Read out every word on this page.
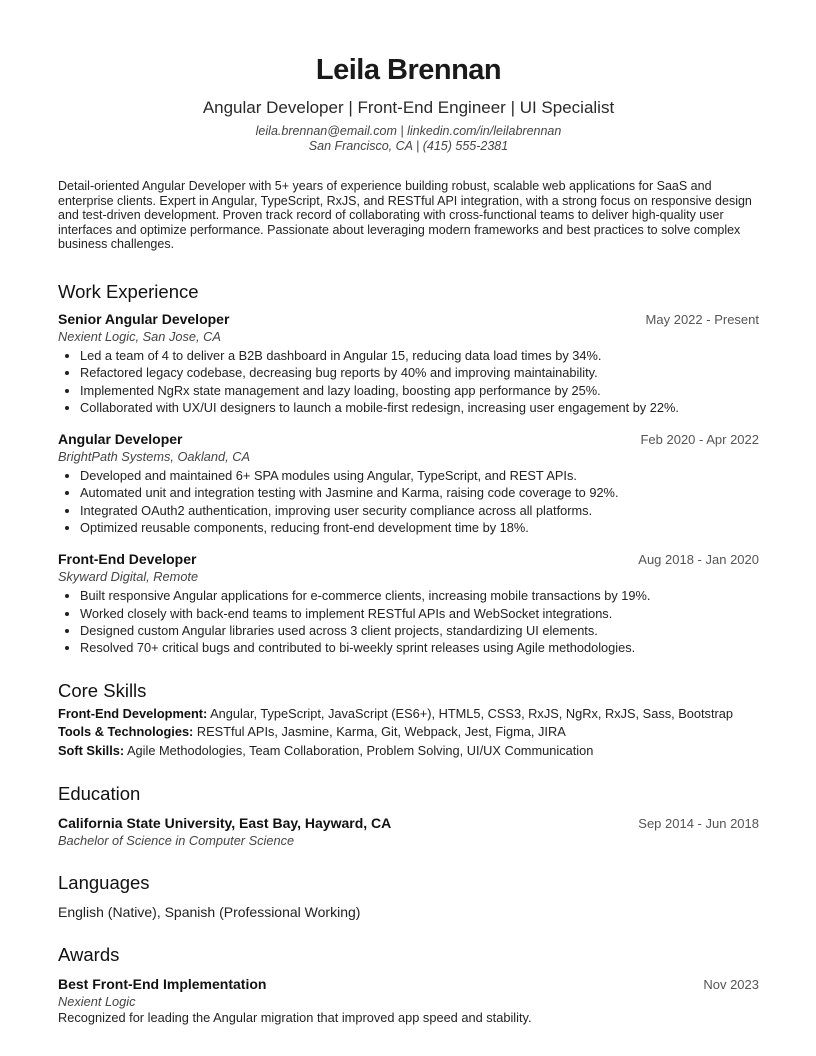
Leila Brennan
Angular Developer | Front-End Engineer | UI Specialist
leila.brennan@email.com | linkedin.com/in/leilabrennan
San Francisco, CA | (415) 555-2381
Detail-oriented Angular Developer with 5+ years of experience building robust, scalable web applications for SaaS and enterprise clients. Expert in Angular, TypeScript, RxJS, and RESTful API integration, with a strong focus on responsive design and test-driven development. Proven track record of collaborating with cross-functional teams to deliver high-quality user interfaces and optimize performance. Passionate about leveraging modern frameworks and best practices to solve complex business challenges.
Work Experience
Senior Angular Developer	May 2022 - Present
Nexient Logic, San Jose, CA
• Led a team of 4 to deliver a B2B dashboard in Angular 15, reducing data load times by 34%.
• Refactored legacy codebase, decreasing bug reports by 40% and improving maintainability.
• Implemented NgRx state management and lazy loading, boosting app performance by 25%.
• Collaborated with UX/UI designers to launch a mobile-first redesign, increasing user engagement by 22%.
Angular Developer	Feb 2020 - Apr 2022
BrightPath Systems, Oakland, CA
• Developed and maintained 6+ SPA modules using Angular, TypeScript, and REST APIs.
• Automated unit and integration testing with Jasmine and Karma, raising code coverage to 92%.
• Integrated OAuth2 authentication, improving user security compliance across all platforms.
• Optimized reusable components, reducing front-end development time by 18%.
Front-End Developer	Aug 2018 - Jan 2020
Skyward Digital, Remote
• Built responsive Angular applications for e-commerce clients, increasing mobile transactions by 19%.
• Worked closely with back-end teams to implement RESTful APIs and WebSocket integrations.
• Designed custom Angular libraries used across 3 client projects, standardizing UI elements.
• Resolved 70+ critical bugs and contributed to bi-weekly sprint releases using Agile methodologies.
Core Skills
Front-End Development: Angular, TypeScript, JavaScript (ES6+), HTML5, CSS3, RxJS, NgRx, RxJS, Sass, Bootstrap
Tools & Technologies: RESTful APIs, Jasmine, Karma, Git, Webpack, Jest, Figma, JIRA
Soft Skills: Agile Methodologies, Team Collaboration, Problem Solving, UI/UX Communication
Education
California State University, East Bay, Hayward, CA	Sep 2014 - Jun 2018
Bachelor of Science in Computer Science
Languages
English (Native), Spanish (Professional Working)
Awards
Best Front-End Implementation	Nov 2023
Nexient Logic
Recognized for leading the Angular migration that improved app speed and stability.
